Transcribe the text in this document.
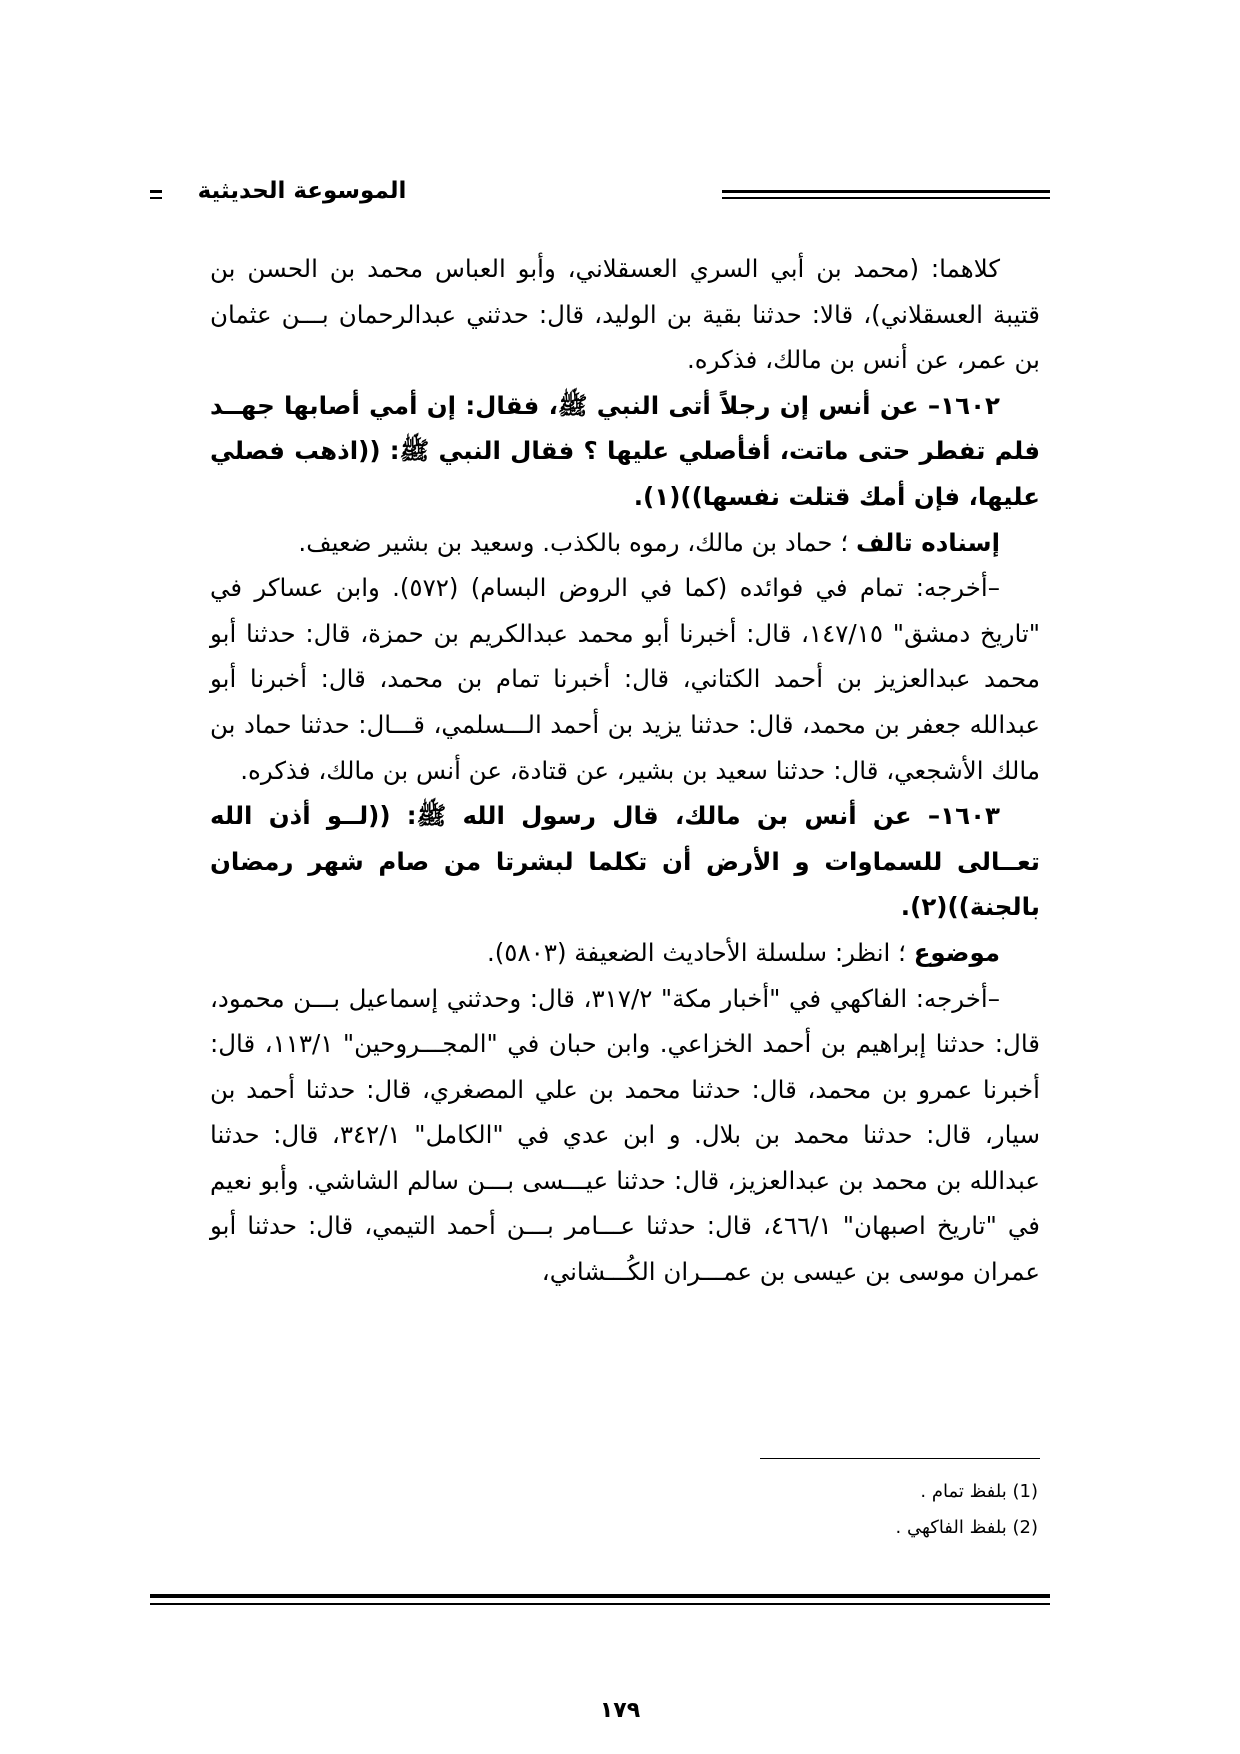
الموسوعة الحديثية

كلاهما: (محمد بن أبي السري العسقلاني، وأبو العباس محمد بن الحسن بن قتيبة العسقلاني)، قالا: حدثنا بقية بن الوليد، قال: حدثني عبدالرحمان بـــن عثمان بن عمر، عن أنس بن مالك، فذكره.

١٦٠٢– عن أنس إن رجلاً أتى النبي ﷺ، فقال: إن أمي أصابها جهــد فلم تفطر حتى ماتت، أفأصلي عليها ؟ فقال النبي ﷺ: ((اذهب فصلي عليها، فإن أمك قتلت نفسها))(١).

إسناده تالف ؛ حماد بن مالك، رموه بالكذب. وسعيد بن بشير ضعيف.

–أخرجه: تمام في فوائده (كما في الروض البسام) (٥٧٢). وابن عساكر في "تاريخ دمشق" ١٤٧/١٥، قال: أخبرنا أبو محمد عبدالكريم بن حمزة، قال: حدثنا أبو محمد عبدالعزيز بن أحمد الكتاني، قال: أخبرنا تمام بن محمد، قال: أخبرنا أبو عبدالله جعفر بن محمد، قال: حدثنا يزيد بن أحمد الـــسلمي، قـــال: حدثنا حماد بن مالك الأشجعي، قال: حدثنا سعيد بن بشير، عن قتادة، عن أنس بن مالك، فذكره.

١٦٠٣– عن أنس بن مالك، قال رسول الله ﷺ: ((لــو أذن الله تعــالى للسماوات و الأرض أن تكلما لبشرتا من صام شهر رمضان بالجنة))(٢).

موضوع ؛ انظر: سلسلة الأحاديث الضعيفة (٥٨٠٣).

–أخرجه: الفاكهي في "أخبار مكة" ٣١٧/٢، قال: وحدثني إسماعيل بـــن محمود، قال: حدثنا إبراهيم بن أحمد الخزاعي. وابن حبان في "المجـــروحين" ١١٣/١، قال: أخبرنا عمرو بن محمد، قال: حدثنا محمد بن علي المصغري، قال: حدثنا أحمد بن سيار، قال: حدثنا محمد بن بلال. و ابن عدي في "الكامل" ٣٤٢/١، قال: حدثنا عبدالله بن محمد بن عبدالعزيز، قال: حدثنا عيـــسى بـــن سالم الشاشي. وأبو نعيم في "تاريخ اصبهان" ٤٦٦/١، قال: حدثنا عـــامر بـــن أحمد التيمي، قال: حدثنا أبو عمران موسى بن عيسى بن عمـــران الكُـــشاني،

(1) بلفظ تمام .
(2) بلفظ الفاكهي .
١٧٩
